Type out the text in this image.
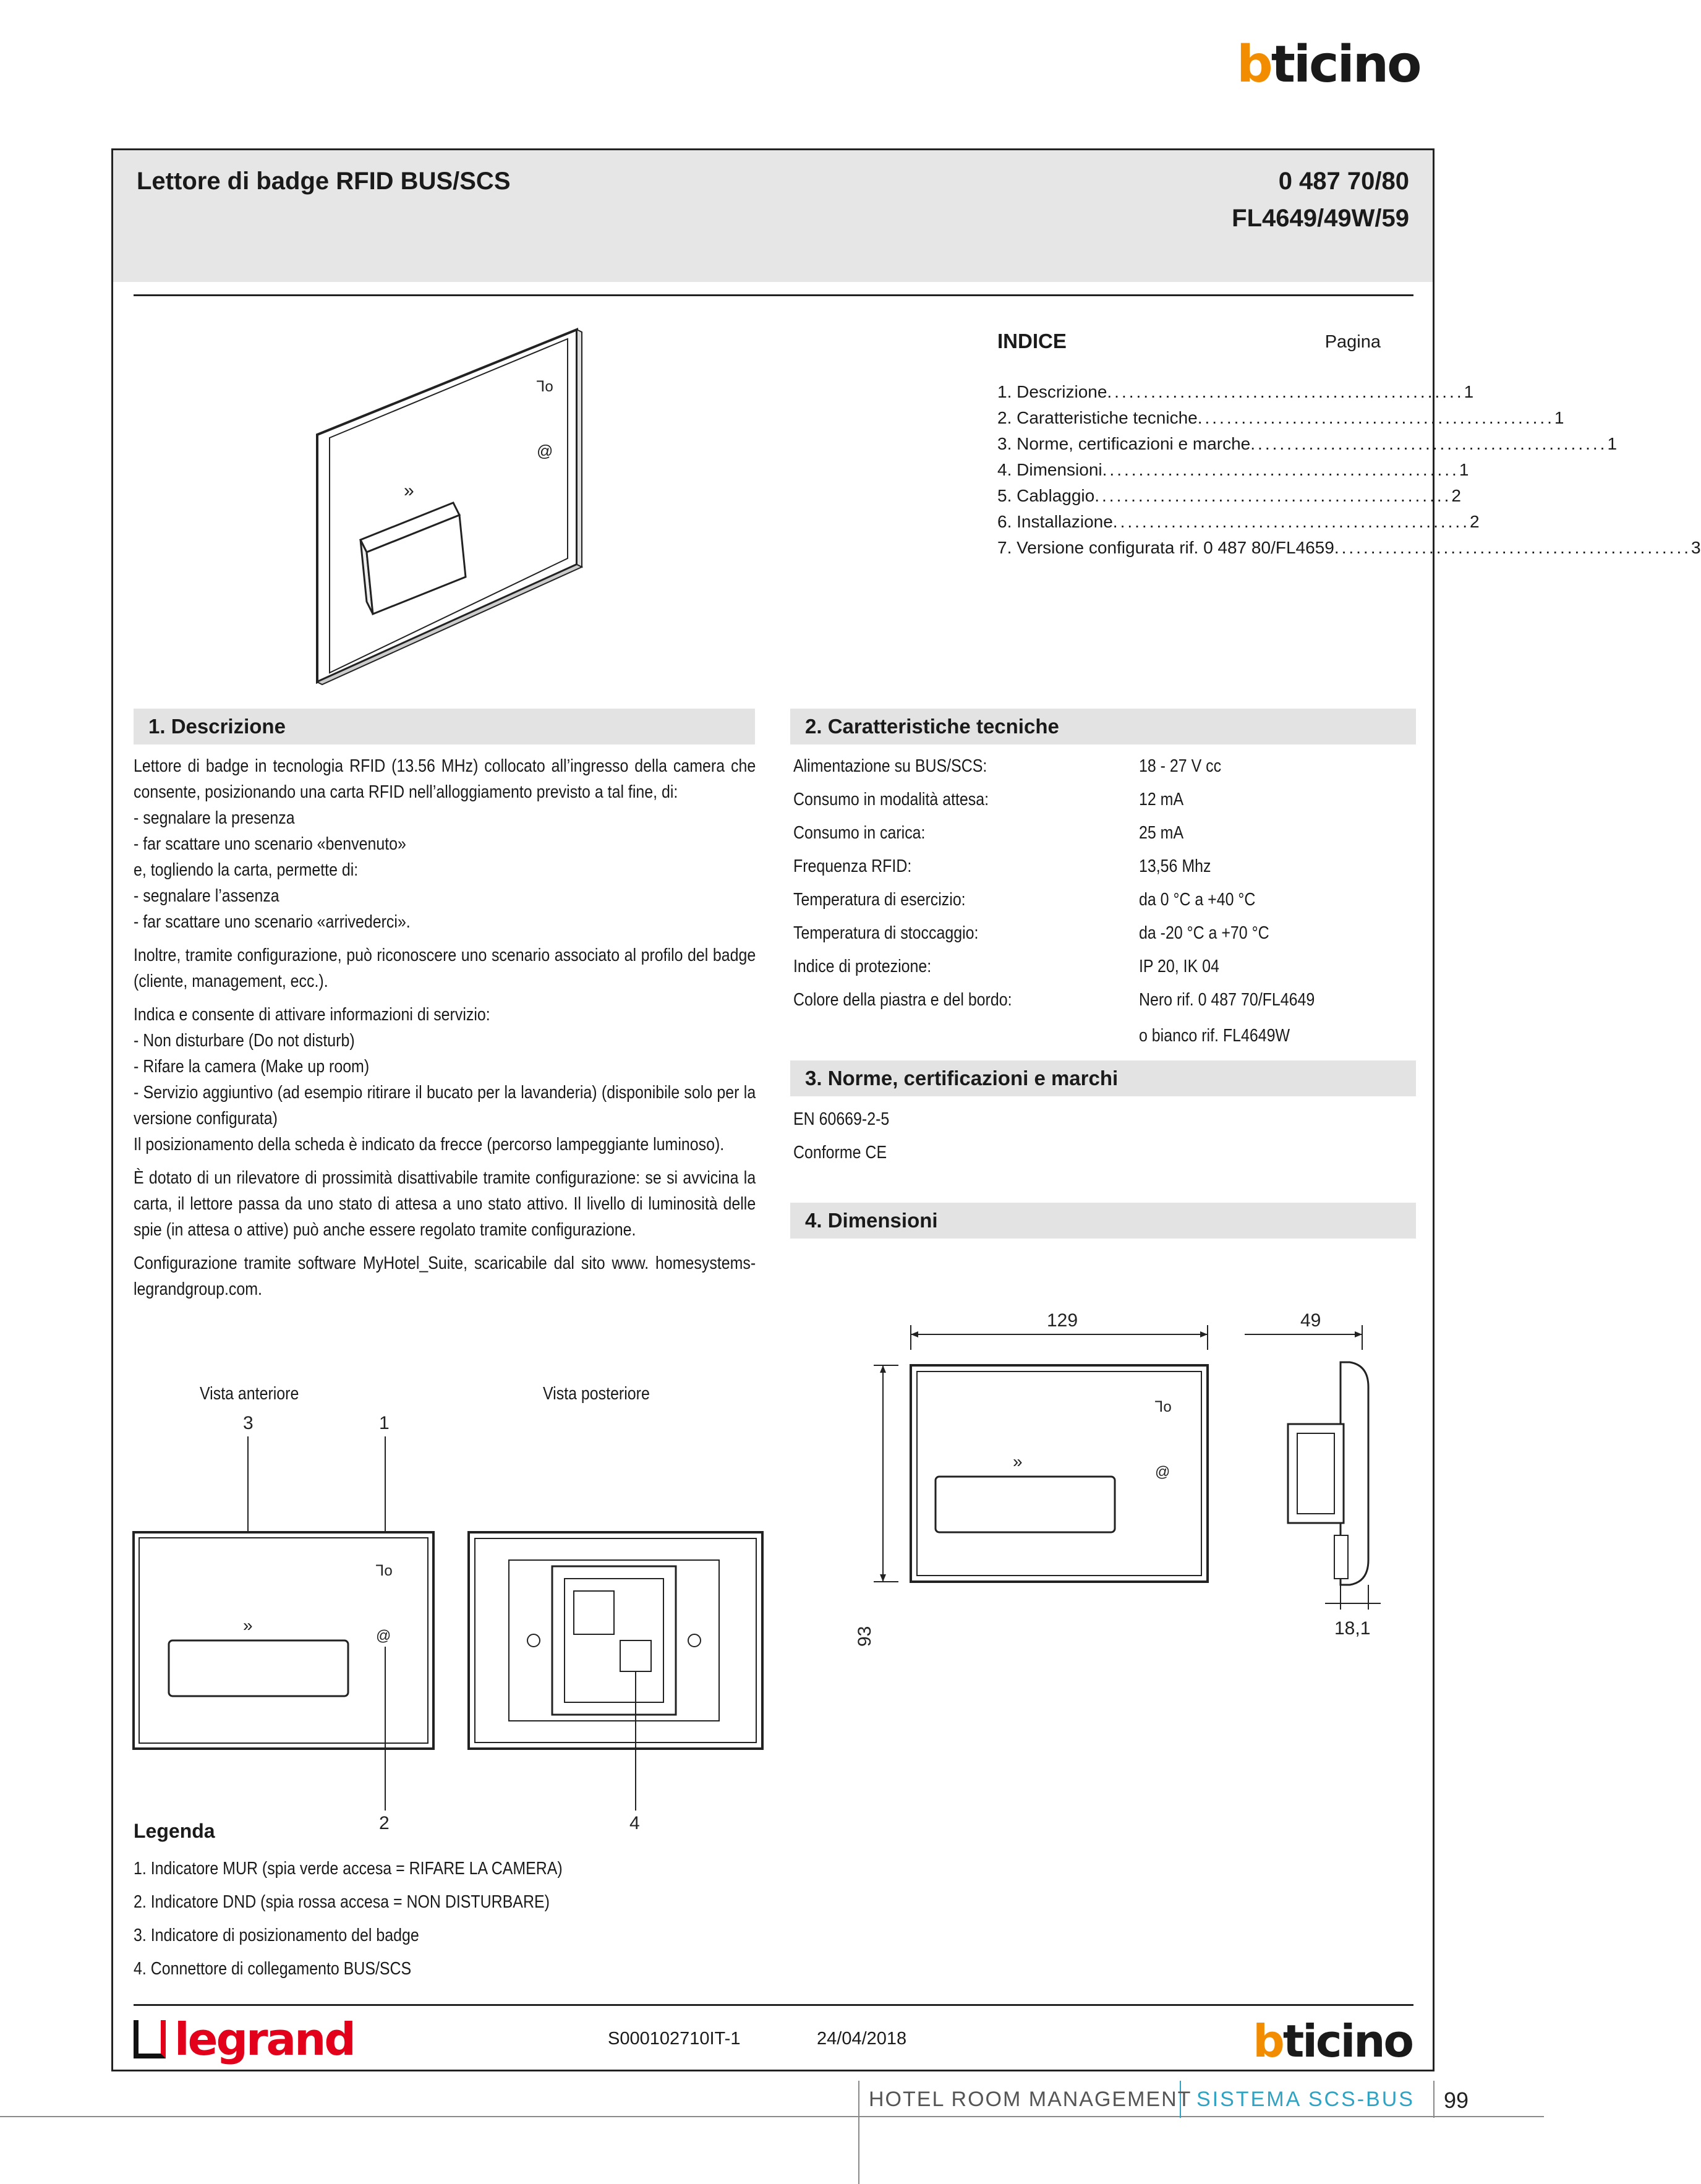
bticino
Lettore di badge RFID BUS/SCS	0 487 70/80
FL4649/49W/59
⅂o
@
»
INDICE	Pagina
1. Descrizione ................................................. 1
2. Caratteristiche tecniche ................................................. 1
3. Norme, certificazioni e marche ................................................. 1
4. Dimensioni ................................................. 1
5. Cablaggio ................................................. 2
6. Installazione ................................................. 2
7. Versione configurata rif. 0 487 80/FL4659 ................................................. 3
1. Descrizione
Lettore di badge in tecnologia RFID (13.56 MHz) collocato all’ingresso della camera che consente, posizionando una carta RFID nell’alloggiamento previsto a tal fine, di:
- segnalare la presenza
- far scattare uno scenario «benvenuto»
e, togliendo la carta, permette di:
- segnalare l’assenza
- far scattare uno scenario «arrivederci».
Inoltre, tramite configurazione, può riconoscere uno scenario associato al profilo del badge (cliente, management, ecc.).
Indica e consente di attivare informazioni di servizio:
- Non disturbare (Do not disturb)
- Rifare la camera (Make up room)
- Servizio aggiuntivo (ad esempio ritirare il bucato per la lavanderia) (disponibile solo per la versione configurata)
Il posizionamento della scheda è indicato da frecce (percorso lampeggiante luminoso).
È dotato di un rilevatore di prossimità disattivabile tramite configurazione: se si avvicina la carta, il lettore passa da uno stato di attesa a uno stato attivo. Il livello di luminosità delle spie (in attesa o attive) può anche essere regolato tramite configurazione.
Configurazione tramite software MyHotel_Suite, scaricabile dal sito www. homesystems-legrandgroup.com.
2. Caratteristiche tecniche
Alimentazione su BUS/SCS:	18 - 27 V cc
Consumo in modalità attesa:	12 mA
Consumo in carica:	25 mA
Frequenza RFID:	13,56 Mhz
Temperatura di esercizio:	da 0 °C a +40 °C
Temperatura di stoccaggio:	da -20 °C a +70 °C
Indice di protezione:	IP 20, IK 04
Colore della piastra e del bordo:	Nero rif. 0 487 70/FL4649
o bianco rif. FL4649W
3. Norme, certificazioni e marchi
EN 60669-2-5
Conforme CE
4. Dimensioni
129
93
»
⅂o
@
49
18,1
Vista anteriore	Vista posteriore
3	1
»
⅂o
@
2	4
Legenda
1. Indicatore MUR (spia verde accesa = RIFARE LA CAMERA)
2. Indicatore DND (spia rossa accesa = NON DISTURBARE)
3. Indicatore di posizionamento del badge
4. Connettore di collegamento BUS/SCS
legrand	S000102710IT-1	24/04/2018	bticino
HOTEL ROOM MANAGEMENT SISTEMA SCS-BUS 99
